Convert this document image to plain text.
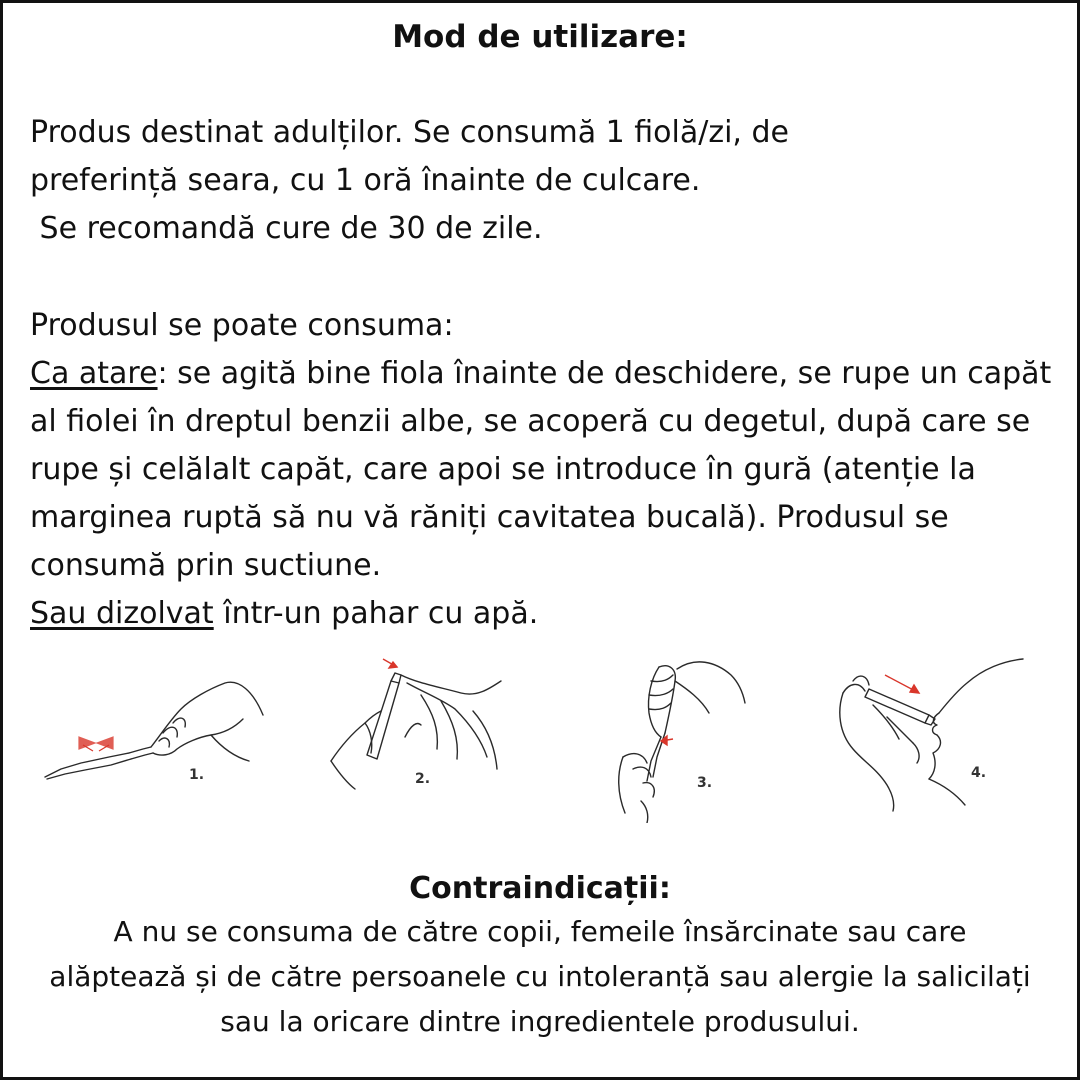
Mod de utilizare:
Produs destinat adulților. Se consumă 1 fiolă/zi, de
preferință seara, cu 1 oră înainte de culcare.
Se recomandă cure de 30 de zile.
Produsul se poate consuma:
Ca atare: se agită bine fiola înainte de deschidere, se rupe un capăt al fiolei în dreptul benzii albe, se acoperă cu degetul, după care se rupe și celălalt capăt, care apoi se introduce în gură (atenție la marginea ruptă să nu vă răniți cavitatea bucală). Produsul se consumă prin suctiune.
Sau dizolvat într-un pahar cu apă.
1.	2.	3.
4.
Contraindicații:
A nu se consuma de către copii, femeile însărcinate sau care alăptează și de către persoanele cu intoleranță sau alergie la salicilați sau la oricare dintre ingredientele produsului.
